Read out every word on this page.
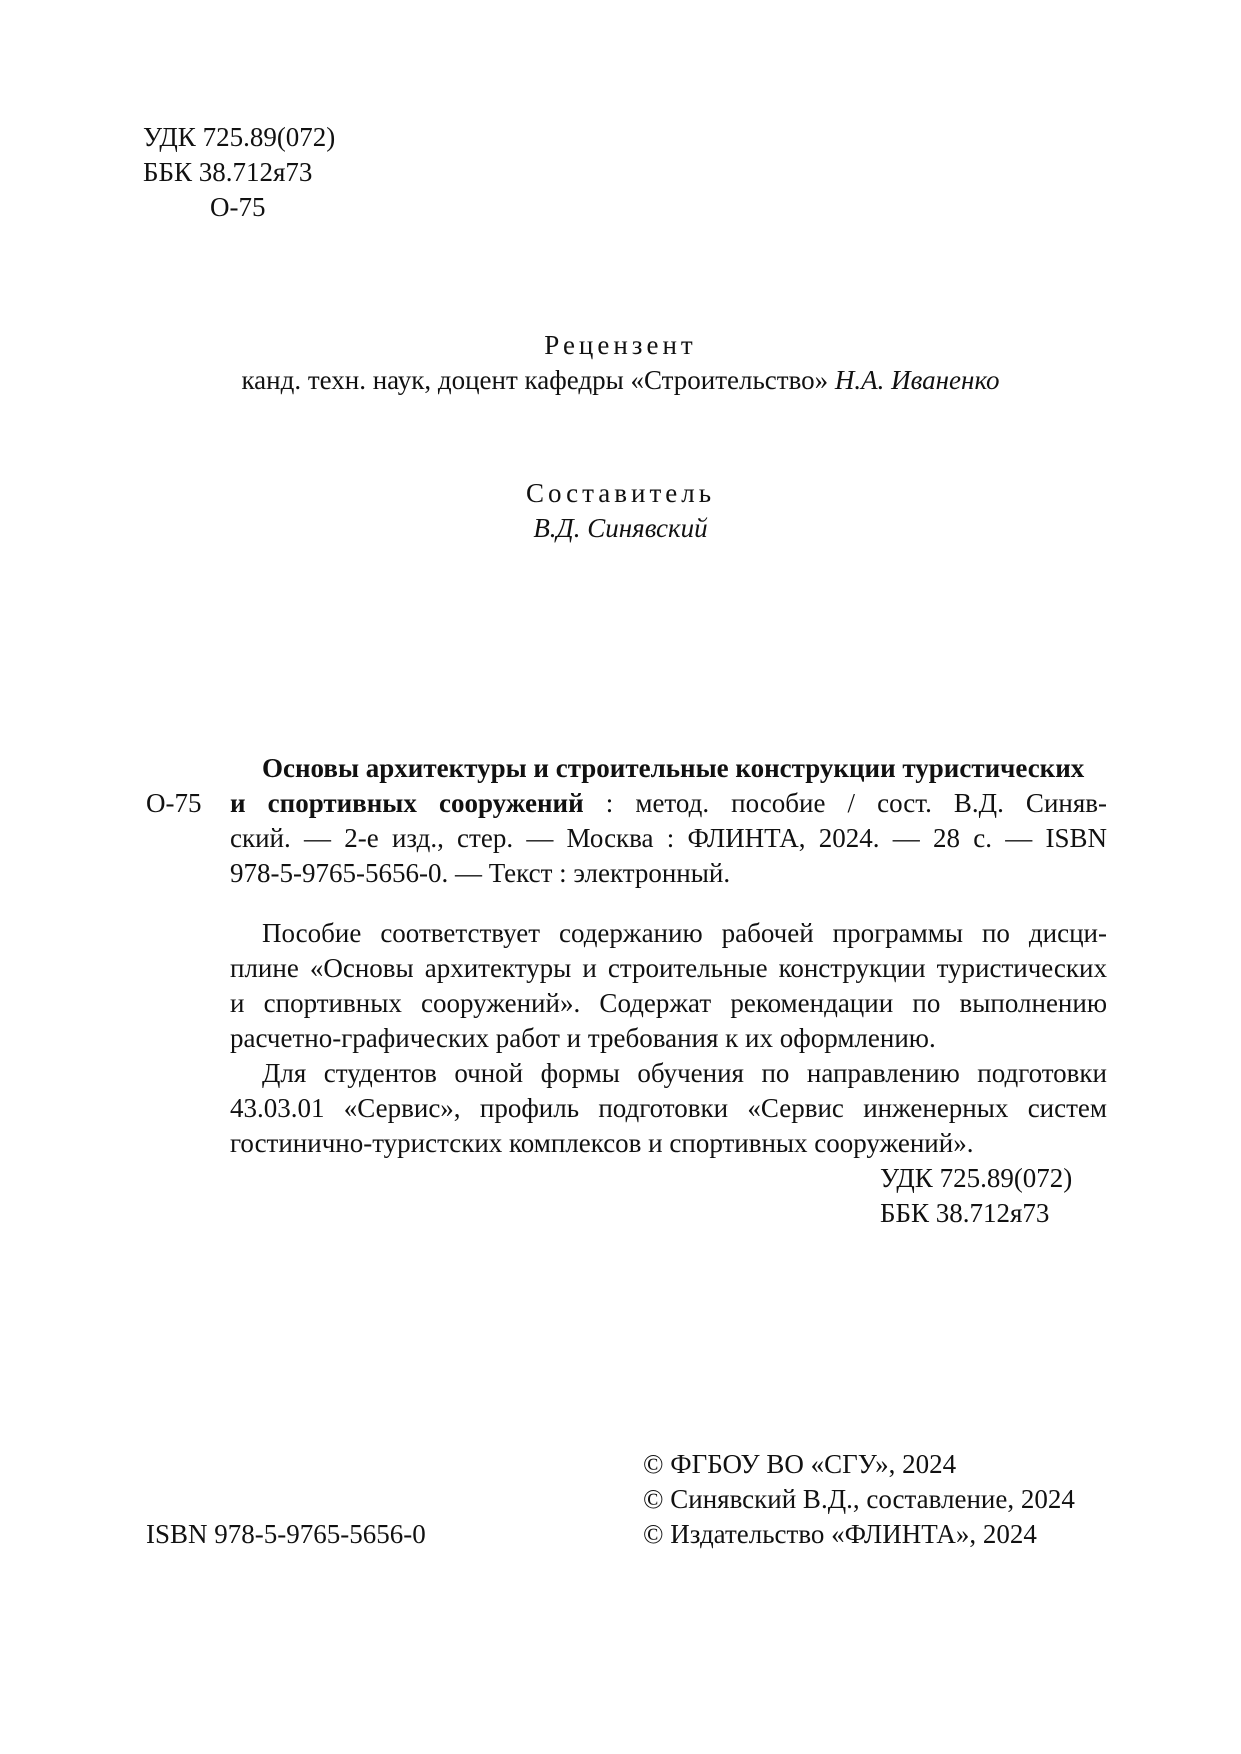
УДК 725.89(072)
ББК 38.712я73
О-75
Рецензент
канд. техн. наук, доцент кафедры «Строительство» Н.А. Иваненко
Составитель
В.Д. Синявский
Основы архитектуры и строительные конструкции туристических
О-75 и спортивных сооружений : метод. пособие / сост. В.Д. Синяв-
ский. — 2-е изд., стер. — Москва : ФЛИНТА, 2024. — 28 с. — ISBN
978-5-9765-5656-0. — Текст : электронный.
Пособие соответствует содержанию рабочей программы по дисци-
плине «Основы архитектуры и строительные конструкции туристических
и спортивных сооружений». Содержат рекомендации по выполнению
расчетно-графических работ и требования к их оформлению.
Для студентов очной формы обучения по направлению подготовки
43.03.01 «Сервис», профиль подготовки «Сервис инженерных систем
гостинично-туристских комплексов и спортивных сооружений».
УДК 725.89(072)
ББК 38.712я73
© ФГБОУ ВО «СГУ», 2024
© Синявский В.Д., составление, 2024
© Издательство «ФЛИНТА», 2024
ISBN 978-5-9765-5656-0
